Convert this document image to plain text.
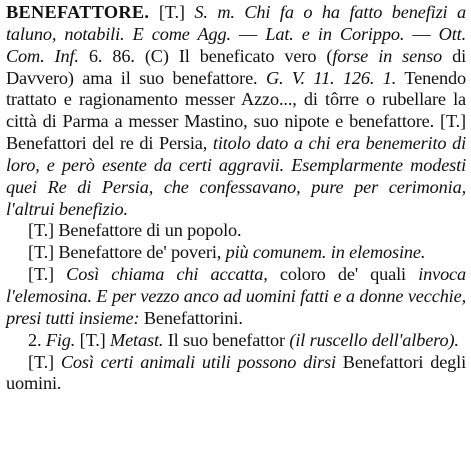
BENEFATTORE. [T.] S. m. Chi fa o ha fatto benefizi a taluno, notabili. E come Agg. — Lat. e in Corippo. — Ott. Com. Inf. 6. 86. (C) Il beneficato vero (forse in senso di Davvero) ama il suo benefattore. G. V. 11. 126. 1. Tenendo trattato e ragionamento messer Azzo..., di tôrre o rubellare la città di Parma a messer Mastino, suo nipote e benefattore. [T.] Benefattori del re di Persia, titolo dato a chi era benemerito di loro, e però esente da certi aggravii. Esemplarmente modesti quei Re di Persia, che confessavano, pure per cerimonia, l'altrui benefizio.

[T.] Benefattore di un popolo.

[T.] Benefattore de' poveri, più comunem. in elemosine.

[T.] Così chiama chi accatta, coloro de' quali invoca l'elemosina. E per vezzo anco ad uomini fatti e a donne vecchie, presi tutti insieme: Benefattorini.

2. Fig. [T.] Metast. Il suo benefattor (il ruscello dell'albero).

[T.] Così certi animali utili possono dirsi Benefattori degli uomini.
